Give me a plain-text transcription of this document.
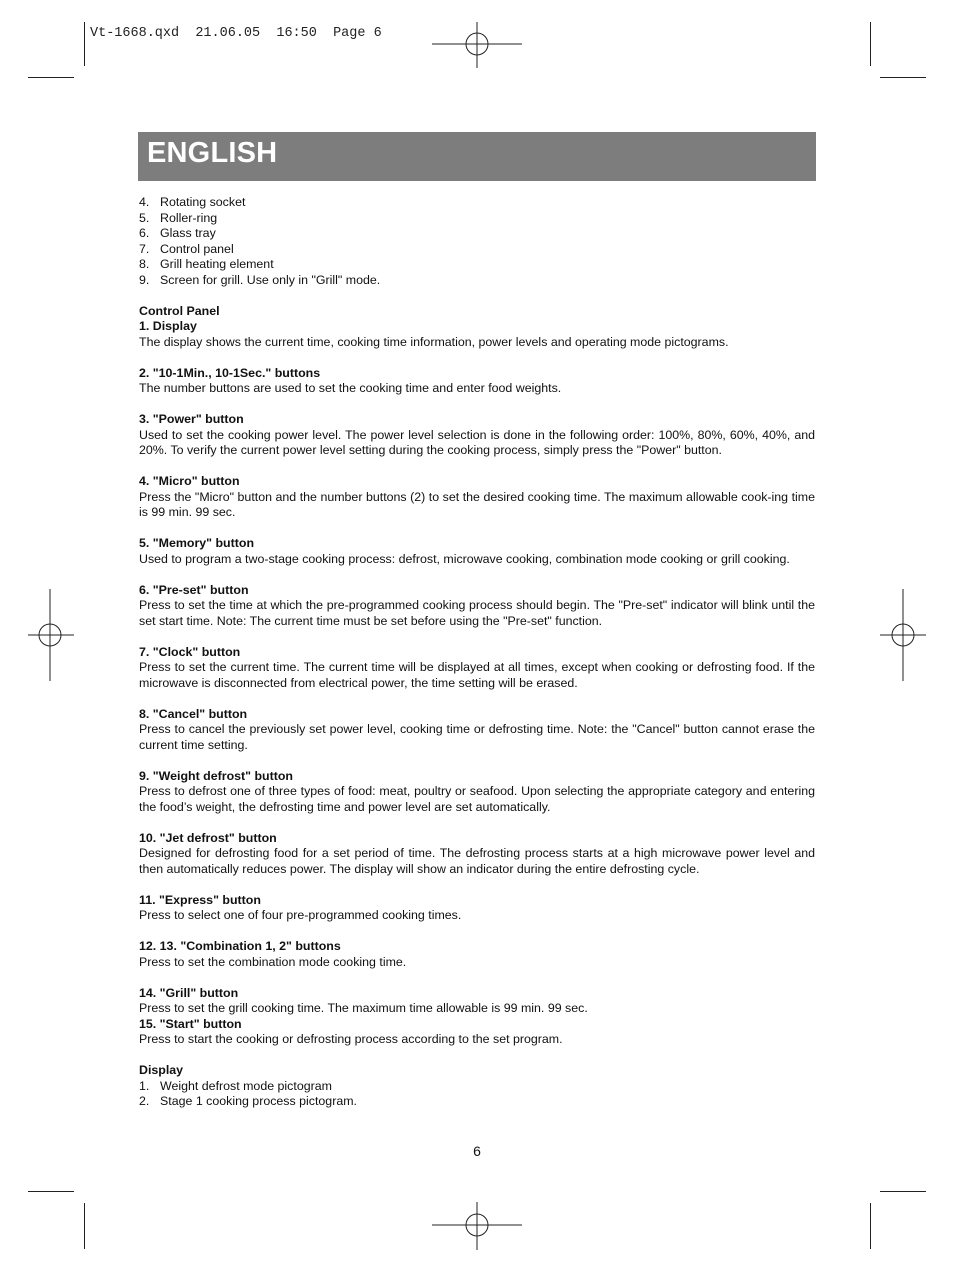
Vt-1668.qxd 21.06.05 16:50 Page 6
ENGLISH
4. Rotating socket
5. Roller-ring
6. Glass tray
7. Control panel
8. Grill heating element
9. Screen for grill. Use only in "Grill" mode.
Control Panel
1. Display
The display shows the current time, cooking time information, power levels and operating mode pictograms.
2. "10-1Min., 10-1Sec." buttons
The number buttons are used to set the cooking time and enter food weights.
3. "Power" button
Used to set the cooking power level. The power level selection is done in the following order: 100%, 80%, 60%, 40%, and 20%. To verify the current power level setting during the cooking process, simply press the "Power" button.
4. "Micro" button
Press the "Micro" button and the number buttons (2) to set the desired cooking time. The maximum allowable cook-ing time is 99 min. 99 sec.
5. "Memory" button
Used to program a two-stage cooking process: defrost, microwave cooking, combination mode cooking or grill cooking.
6. "Pre-set" button
Press to set the time at which the pre-programmed cooking process should begin. The "Pre-set" indicator will blink until the set start time. Note: The current time must be set before using the "Pre-set" function.
7. "Clock" button
Press to set the current time. The current time will be displayed at all times, except when cooking or defrosting food. If the microwave is disconnected from electrical power, the time setting will be erased.
8. "Cancel" button
Press to cancel the previously set power level, cooking time or defrosting time. Note: the "Cancel" button cannot erase the current time setting.
9. "Weight defrost" button
Press to defrost one of three types of food: meat, poultry or seafood. Upon selecting the appropriate category and entering the food’s weight, the defrosting time and power level are set automatically.
10. "Jet defrost" button
Designed for defrosting food for a set period of time. The defrosting process starts at a high microwave power level and then automatically reduces power. The display will show an indicator during the entire defrosting cycle.
11. "Express" button
Press to select one of four pre-programmed cooking times.
12. 13. "Combination 1, 2" buttons
Press to set the combination mode cooking time.
14. "Grill" button
Press to set the grill cooking time. The maximum time allowable is 99 min. 99 sec.
15. "Start" button
Press to start the cooking or defrosting process according to the set program.
Display
1. Weight defrost mode pictogram
2. Stage 1 cooking process pictogram.
6
